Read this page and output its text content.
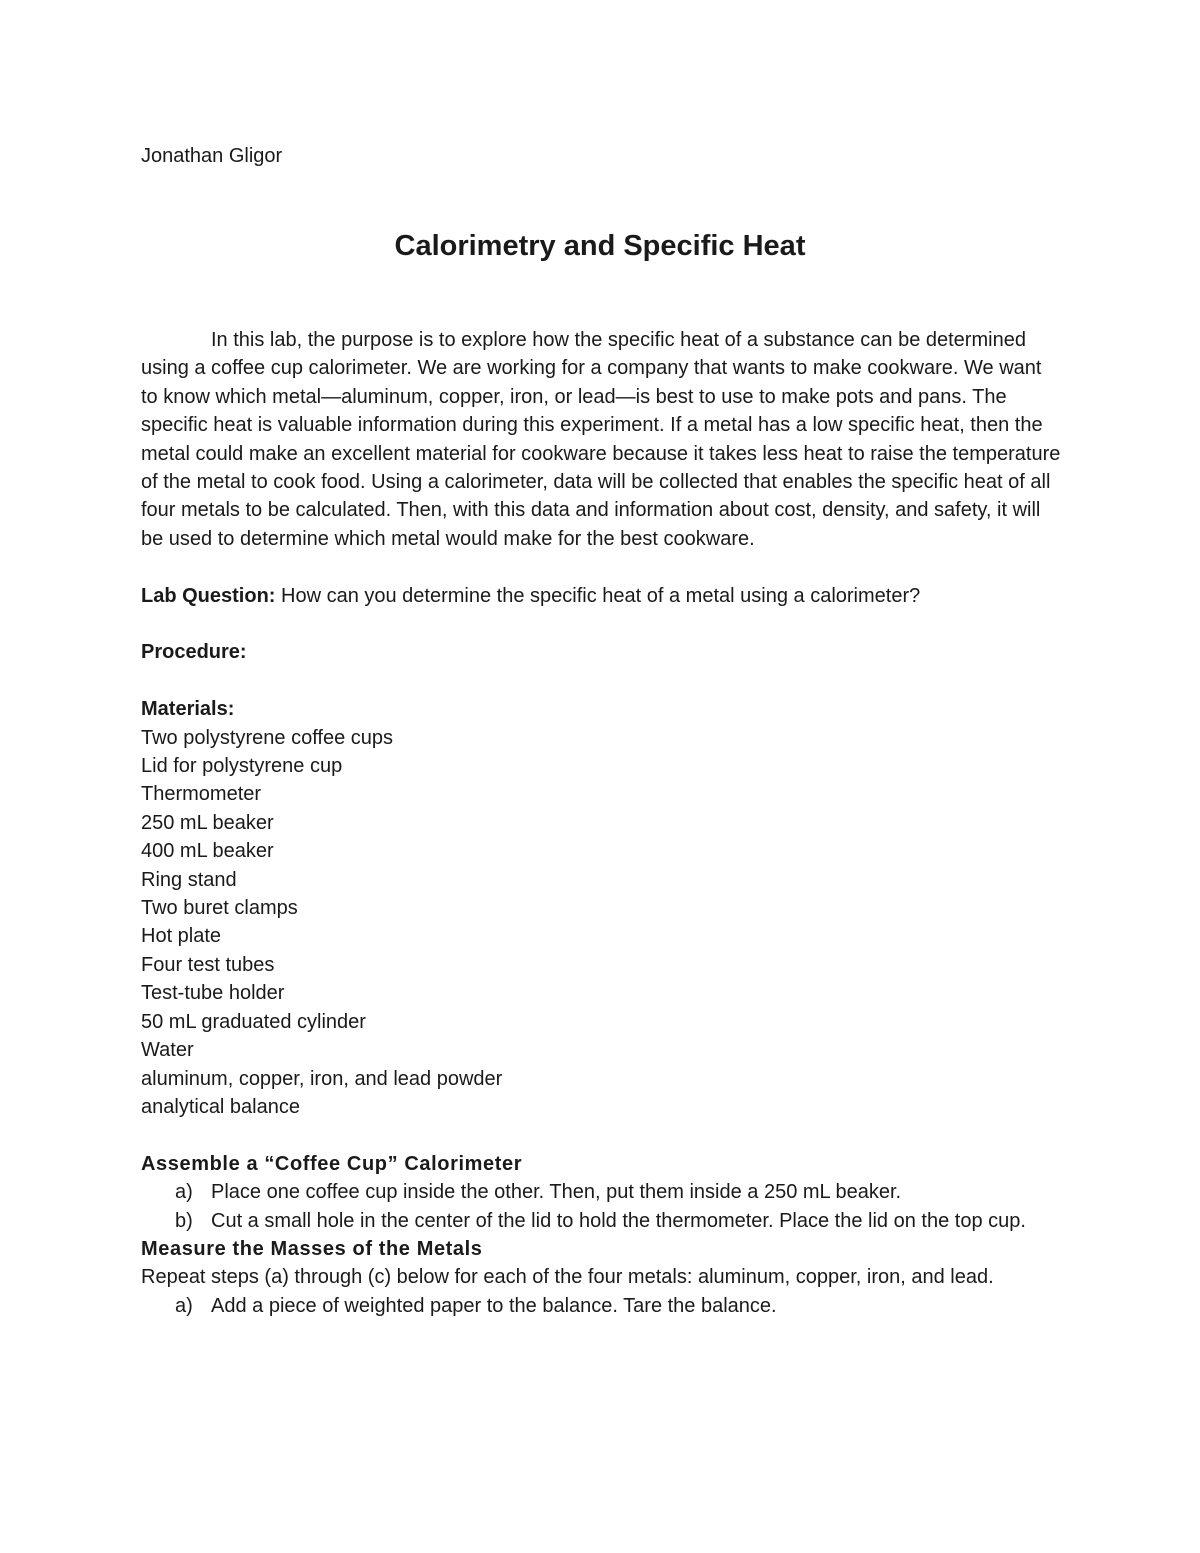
Jonathan Gligor
Calorimetry and Specific Heat

In this lab, the purpose is to explore how the specific heat of a substance can be determined using a coffee cup calorimeter. We are working for a company that wants to make cookware. We want to know which metal—aluminum, copper, iron, or lead—is best to use to make pots and pans. The specific heat is valuable information during this experiment. If a metal has a low specific heat, then the metal could make an excellent material for cookware because it takes less heat to raise the temperature of the metal to cook food. Using a calorimeter, data will be collected that enables the specific heat of all four metals to be calculated. Then, with this data and information about cost, density, and safety, it will be used to determine which metal would make for the best cookware.

Lab Question: How can you determine the specific heat of a metal using a calorimeter?

Procedure:

Materials:

Two polystyrene coffee cups
Lid for polystyrene cup
Thermometer
250 mL beaker
400 mL beaker
Ring stand
Two buret clamps
Hot plate
Four test tubes
Test-tube holder
50 mL graduated cylinder
Water
aluminum, copper, iron, and lead powder
analytical balance

Assemble a “Coffee Cup” Calorimeter

a) Place one coffee cup inside the other. Then, put them inside a 250 mL beaker.
b) Cut a small hole in the center of the lid to hold the thermometer. Place the lid on the top cup.

Measure the Masses of the Metals

Repeat steps (a) through (c) below for each of the four metals: aluminum, copper, iron, and lead.

a) Add a piece of weighted paper to the balance. Tare the balance.
